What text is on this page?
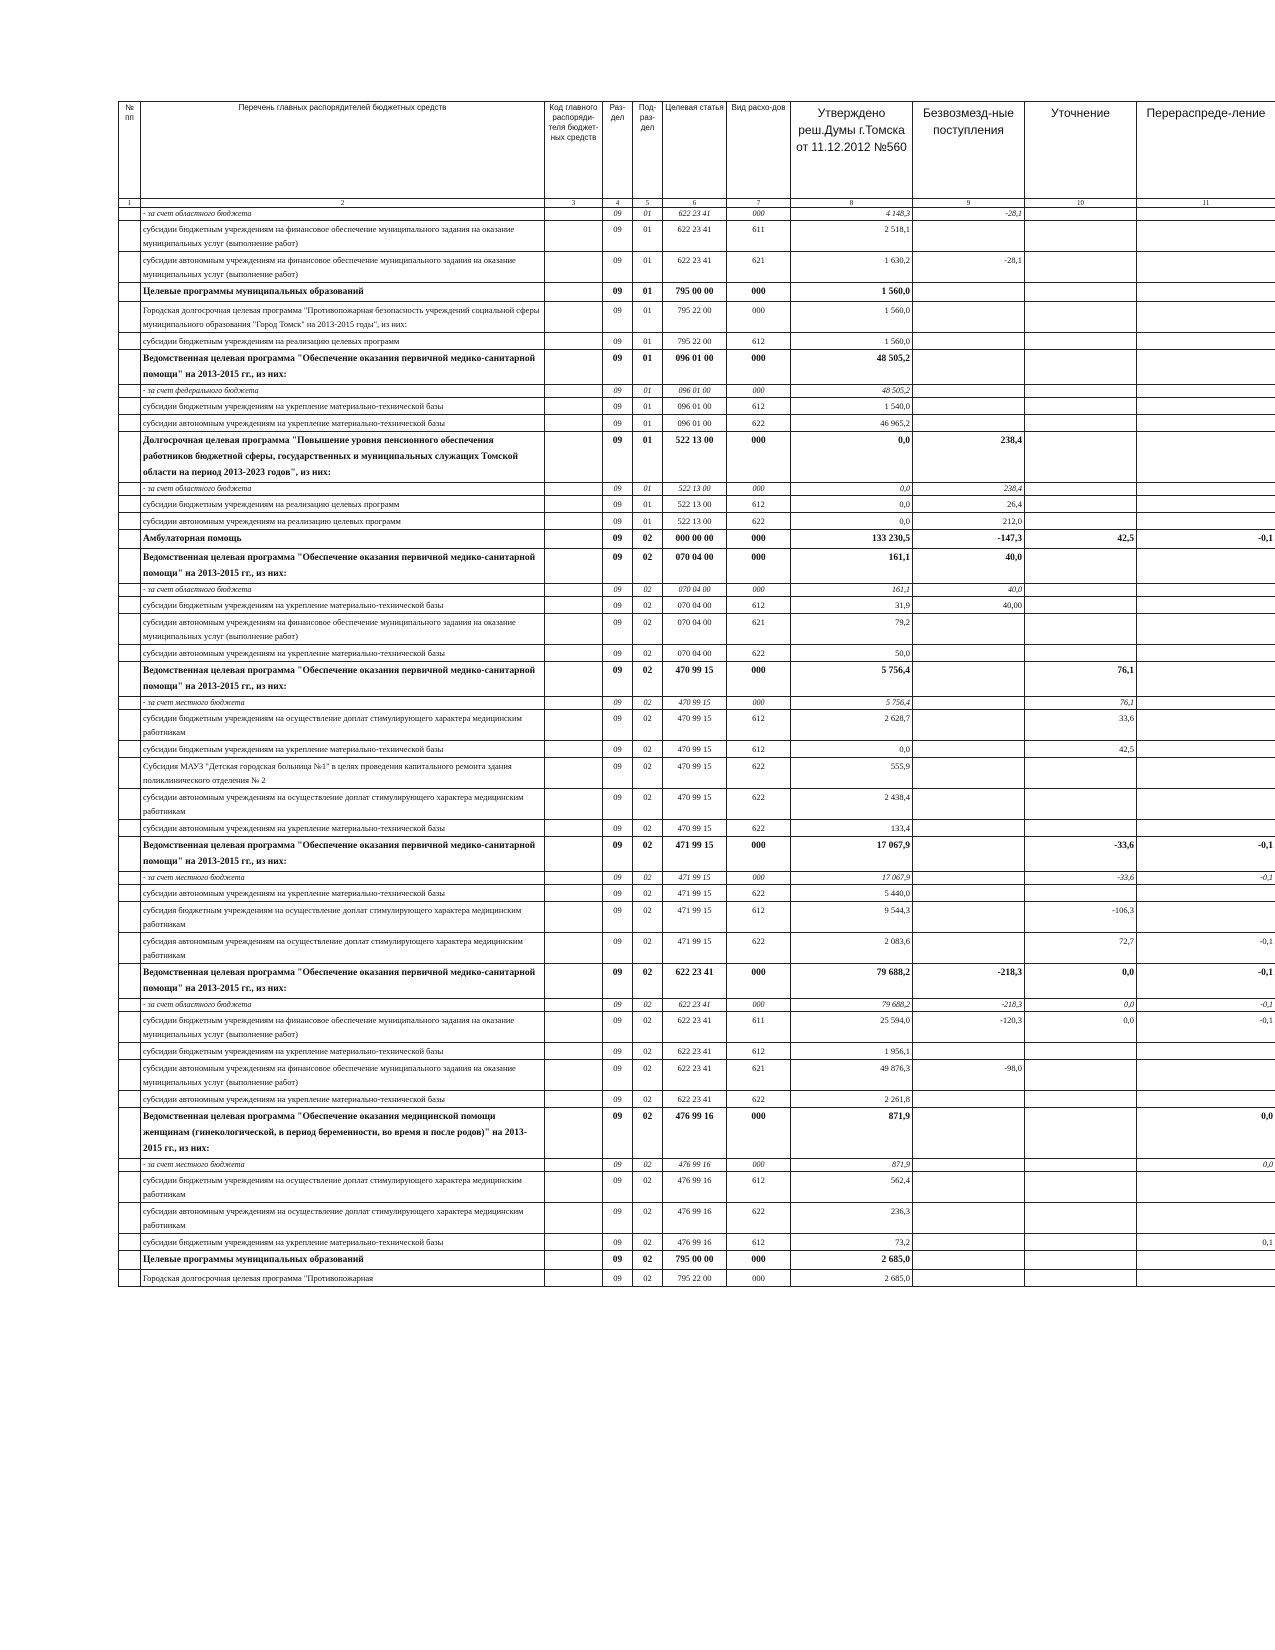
№ пп	Перечень главных распорядителей бюджетных средств	Код главного распоряди-теля бюджет-ных средств	Раз-дел	Под-раз-дел	Целевая статья	Вид расхо-дов	Утверждено реш.Думы г.Томска от 11.12.2012 №560	Безвозмезд-ные поступления	Уточнение	Перераспреде-ление
1	2	3	4	5	6	7	8	9	10	11
	- за счет областного бюджета		09	01	622 23 41	000	4 148,3	-28,1		
	субсидии бюджетным учреждениям на финансовое обеспечение муниципального задания на оказание муниципальных услуг (выполнение работ)		09	01	622 23 41	611	2 518,1			
	субсидии автономным учреждениям на финансовое обеспечение муниципального задания на оказание муниципальных услуг (выполнение работ)		09	01	622 23 41	621	1 630,2	-28,1		
	Целевые программы муниципальных образований		09	01	795 00 00	000	1 560,0			
	Городская долгосрочная целевая программа "Противопожарная безопасность учреждений социальной сферы муниципального образования "Город Томск" на 2013-2015 годы", из них:		09	01	795 22 00	000	1 560,0			
	субсидии бюджетным учреждениям на реализацию целевых программ		09	01	795 22 00	612	1 560,0			
	Ведомственная целевая программа "Обеспечение оказания первичной медико-санитарной помощи" на 2013-2015 гг., из них:		09	01	096 01 00	000	48 505,2			
	- за счет федерального бюджета		09	01	096 01 00	000	48 505,2			
	субсидии бюджетным учреждениям на укрепление материально-технической базы		09	01	096 01 00	612	1 540,0			
	субсидии автономным учреждениям на укрепление материально-технической базы		09	01	096 01 00	622	46 965,2			
	Долгосрочная целевая программа "Повышение уровня пенсионного обеспечения работников бюджетной сферы, государственных и муниципальных служащих Томской области на период 2013-2023 годов", из них:		09	01	522 13 00	000	0,0	238,4		
	- за счет областного бюджета		09	01	522 13 00	000	0,0	238,4		
	субсидии бюджетным учреждениям на реализацию целевых программ		09	01	522 13 00	612	0,0	26,4		
	субсидии автономным учреждениям на реализацию целевых программ		09	01	522 13 00	622	0,0	212,0		
	Амбулаторная помощь		09	02	000 00 00	000	133 230,5	-147,3	42,5	-0,1
	Ведомственная целевая программа "Обеспечение оказания первичной медико-санитарной помощи" на 2013-2015 гг., из них:		09	02	070 04 00	000	161,1	40,0		
	- за счет областного бюджета		09	02	070 04 00	000	161,1	40,0		
	субсидии бюджетным учреждениям на укрепление материально-технической базы		09	02	070 04 00	612	31,9	40,00		
	субсидии автономным учреждениям на финансовое обеспечение муниципального задания на оказание муниципальных услуг (выполнение работ)		09	02	070 04 00	621	79,2			
	субсидии автономным учреждениям на укрепление материально-технической базы		09	02	070 04 00	622	50,0			
	Ведомственная целевая программа "Обеспечение оказания первичной медико-санитарной помощи" на 2013-2015 гг., из них:		09	02	470 99 15	000	5 756,4		76,1	
	- за счет местного бюджета		09	02	470 99 15	000	5 756,4		76,1	
	субсидии бюджетным учреждениям на осуществление доплат стимулирующего характера медицинским работникам		09	02	470 99 15	612	2 628,7		33,6	
	субсидии бюджетным учреждениям на укрепление материально-технической базы		09	02	470 99 15	612	0,0		42,5	
	Субсидия МАУЗ "Детская городская больница №1" в целях проведения капитального ремонта здания поликлинического отделения № 2		09	02	470 99 15	622	555,9			
	субсидии автономным учреждениям на осуществление доплат стимулирующего характера медицинским работникам		09	02	470 99 15	622	2 438,4			
	субсидии автономным учреждениям на укрепление материально-технической базы		09	02	470 99 15	622	133,4			
	Ведомственная целевая программа "Обеспечение оказания первичной медико-санитарной помощи" на 2013-2015 гг., из них:		09	02	471 99 15	000	17 067,9		-33,6	-0,1
	- за счет местного бюджета		09	02	471 99 15	000	17 067,9		-33,6	-0,1
	субсидии автономным учреждениям на укрепление материально-технической базы		09	02	471 99 15	622	5 440,0			
	субсидия бюджетным учреждениям на осуществление доплат стимулирующего характера медицинским работникам		09	02	471 99 15	612	9 544,3		-106,3	
	субсидия автономным учреждениям на осуществление доплат стимулирующего характера медицинским работникам		09	02	471 99 15	622	2 083,6		72,7	-0,1
	Ведомственная целевая программа "Обеспечение оказания первичной медико-санитарной помощи" на 2013-2015 гг., из них:		09	02	622 23 41	000	79 688,2	-218,3	0,0	-0,1
	- за счет областного бюджета		09	02	622 23 41	000	79 688,2	-218,3	0,0	-0,1
	субсидии бюджетным учреждениям на финансовое обеспечение муниципального задания на оказание муниципальных услуг (выполнение работ)		09	02	622 23 41	611	25 594,0	-120,3	0,0	-0,1
	субсидии бюджетным учреждениям на укрепление материально-технической базы		09	02	622 23 41	612	1 956,1			
	субсидии автономным учреждениям на финансовое обеспечение муниципального задания на оказание муниципальных услуг (выполнение работ)		09	02	622 23 41	621	49 876,3	-98,0		
	субсидии автономным учреждениям на укрепление материально-технической базы		09	02	622 23 41	622	2 261,8			
	Ведомственная целевая программа "Обеспечение оказания медицинской помощи женщинам (гинекологической, в период беременности, во время и после родов)" на 2013-2015 гг., из них:		09	02	476 99 16	000	871,9			0,0
	- за счет местного бюджета		09	02	476 99 16	000	871,9			0,0
	субсидии бюджетным учреждениям на осуществление доплат стимулирующего характера медицинским работникам		09	02	476 99 16	612	562,4			
	субсидии автономным учреждениям на осуществление доплат стимулирующего характера медицинским работникам		09	02	476 99 16	622	236,3			
	субсидии бюджетным учреждениям на укрепление материально-технической базы		09	02	476 99 16	612	73,2			0,1
	Целевые программы муниципальных образований		09	02	795 00 00	000	2 685,0			
	Городская долгосрочная целевая программа "Противопожарная		09	02	795 22 00	000	2 685,0			
